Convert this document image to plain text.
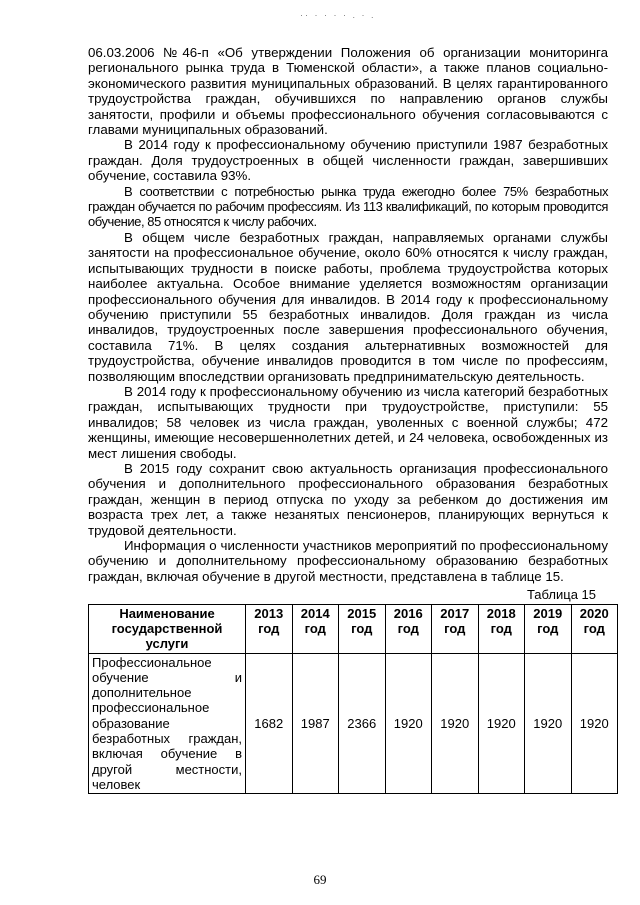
·· · · · · . · .

06.03.2006 №46-п «Об утверждении Положения об организации мониторинга регионального рынка труда в Тюменской области», а также планов социально-экономического развития муниципальных образований. В целях гарантированного трудоустройства граждан, обучившихся по направлению органов службы занятости, профили и объемы профессионального обучения согласовываются с главами муниципальных образований.

В 2014 году к профессиональному обучению приступили 1987 безработных граждан. Доля трудоустроенных в общей численности граждан, завершивших обучение, составила 93%.

В соответствии с потребностью рынка труда ежегодно более 75% безработных граждан обучается по рабочим профессиям. Из 113 квалификаций, по которым проводится обучение, 85 относятся к числу рабочих.

В общем числе безработных граждан, направляемых органами службы занятости на профессиональное обучение, около 60% относятся к числу граждан, испытывающих трудности в поиске работы, проблема трудоустройства которых наиболее актуальна. Особое внимание уделяется возможностям организации профессионального обучения для инвалидов. В 2014 году к профессиональному обучению приступили 55 безработных инвалидов. Доля граждан из числа инвалидов, трудоустроенных после завершения профессионального обучения, составила 71%. В целях создания альтернативных возможностей для трудоустройства, обучение инвалидов проводится в том числе по профессиям, позволяющим впоследствии организовать предпринимательскую деятельность.

В 2014 году к профессиональному обучению из числа категорий безработных граждан, испытывающих трудности при трудоустройстве, приступили: 55 инвалидов; 58 человек из числа граждан, уволенных с военной службы; 472 женщины, имеющие несовершеннолетних детей, и 24 человека, освобожденных из мест лишения свободы.

В 2015 году сохранит свою актуальность организация профессионального обучения и дополнительного профессионального образования безработных граждан, женщин в период отпуска по уходу за ребенком до достижения им возраста трех лет, а также незанятых пенсионеров, планирующих вернуться к трудовой деятельности.

Информация о численности участников мероприятий по профессиональному обучению и дополнительному профессиональному образованию безработных граждан, включая обучение в другой местности, представлена в таблице 15.

Таблица 15
Наименование государственной услуги	2013 год	2014 год	2015 год	2016 год	2017 год	2018 год	2019 год	2020 год
Профессиональное обучение и дополнительное профессиональное образование безработных граждан, включая обучение в другой местности, человек	1682	1987	2366	1920	1920	1920	1920	1920
69
